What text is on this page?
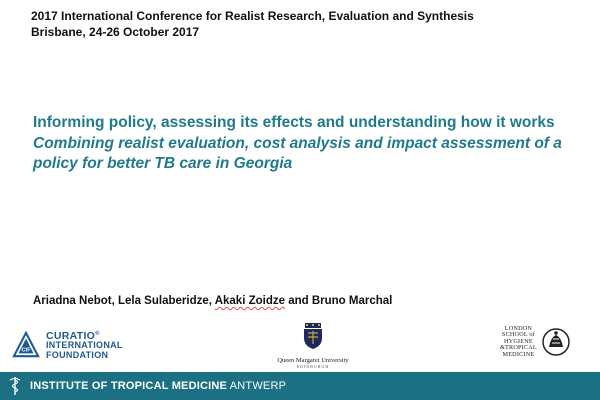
2017 International Conference for Realist Research, Evaluation and Synthesis
Brisbane, 24-26 October 2017
Informing policy, assessing its effects and understanding how it works
Combining realist evaluation, cost analysis and impact assessment of a policy for better TB care in Georgia
Ariadna Nebot, Lela Sulaberidze, Akaki Zoidze and Bruno Marchal
CIF
CURATIO®
INTERNATIONAL
FOUNDATION
Queen Margaret University
EDINBURGH
LONDON
SCHOOL of
HYGIENE
&TROPICAL
MEDICINE
INSTITUTE OF TROPICAL MEDICINE ANTWERP
